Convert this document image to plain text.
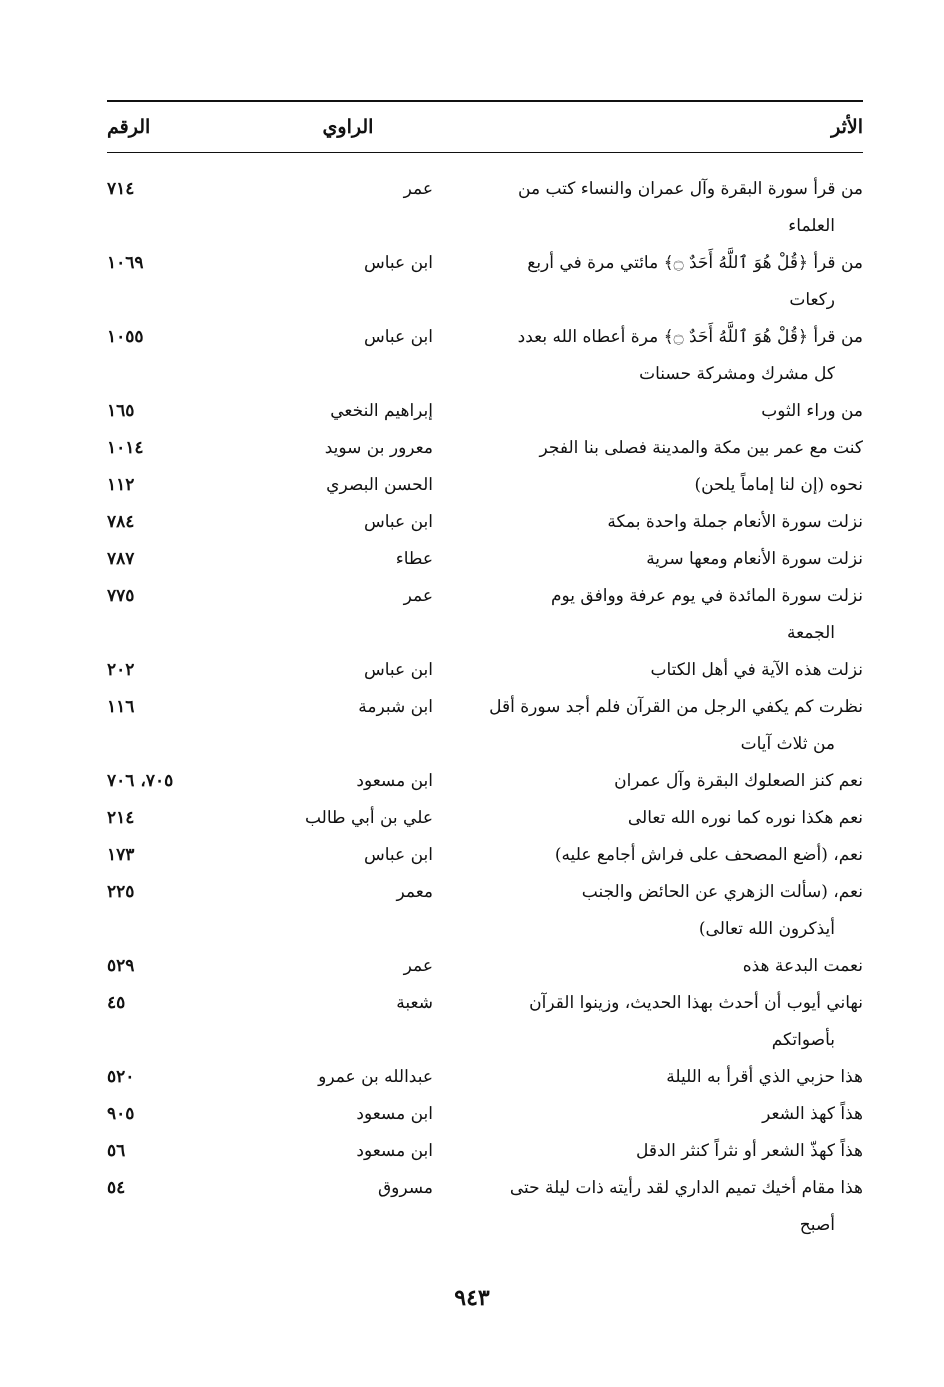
الأثر
الراوي
الرقم
من قرأ سورة البقرة وآل عمران والنساء كتب من
العلماء
عمر
٧١٤
من قرأ ﴿قُلْ هُوَ ٱللَّهُ أَحَدٌ ۝﴾ مائتي مرة في أربع
ركعات
ابن عباس
١٠٦٩
من قرأ ﴿قُلْ هُوَ ٱللَّهُ أَحَدٌ ۝﴾ مرة أعطاه الله بعدد
كل مشرك ومشركة حسنات
ابن عباس
١٠٥٥
من وراء الثوب
إبراهيم النخعي
١٦٥
كنت مع عمر بين مكة والمدينة فصلى بنا الفجر
معرور بن سويد
١٠١٤
نحوه (إن لنا إماماً يلحن)
الحسن البصري
١١٢
نزلت سورة الأنعام جملة واحدة بمكة
ابن عباس
٧٨٤
نزلت سورة الأنعام ومعها سرية
عطاء
٧٨٧
نزلت سورة المائدة في يوم عرفة ووافق يوم
الجمعة
عمر
٧٧٥
نزلت هذه الآية في أهل الكتاب
ابن عباس
٢٠٢
نظرت كم يكفي الرجل من القرآن فلم أجد سورة أقل
من ثلاث آيات
ابن شبرمة
١١٦
نعم كنز الصعلوك البقرة وآل عمران
ابن مسعود
٧٠٥، ٧٠٦
نعم هكذا نوره كما نوره الله تعالى
علي بن أبي طالب
٢١٤
نعم، (أضع المصحف على فراش أجامع عليه)
ابن عباس
١٧٣
نعم، (سألت الزهري عن الحائض والجنب
أيذكرون الله تعالى)
معمر
٢٢٥
نعمت البدعة هذه
عمر
٥٢٩
نهاني أيوب أن أحدث بهذا الحديث، وزينوا القرآن
بأصواتكم
شعبة
٤٥
هذا حزبي الذي أقرأ به الليلة
عبدالله بن عمرو
٥٢٠
هذاً كهذ الشعر
ابن مسعود
٩٠٥
هذاً كهذّ الشعر أو نثراً كنثر الدقل
ابن مسعود
٥٦
هذا مقام أخيك تميم الداري لقد رأيته ذات ليلة حتى
أصبح
مسروق
٥٤
٩٤٣
